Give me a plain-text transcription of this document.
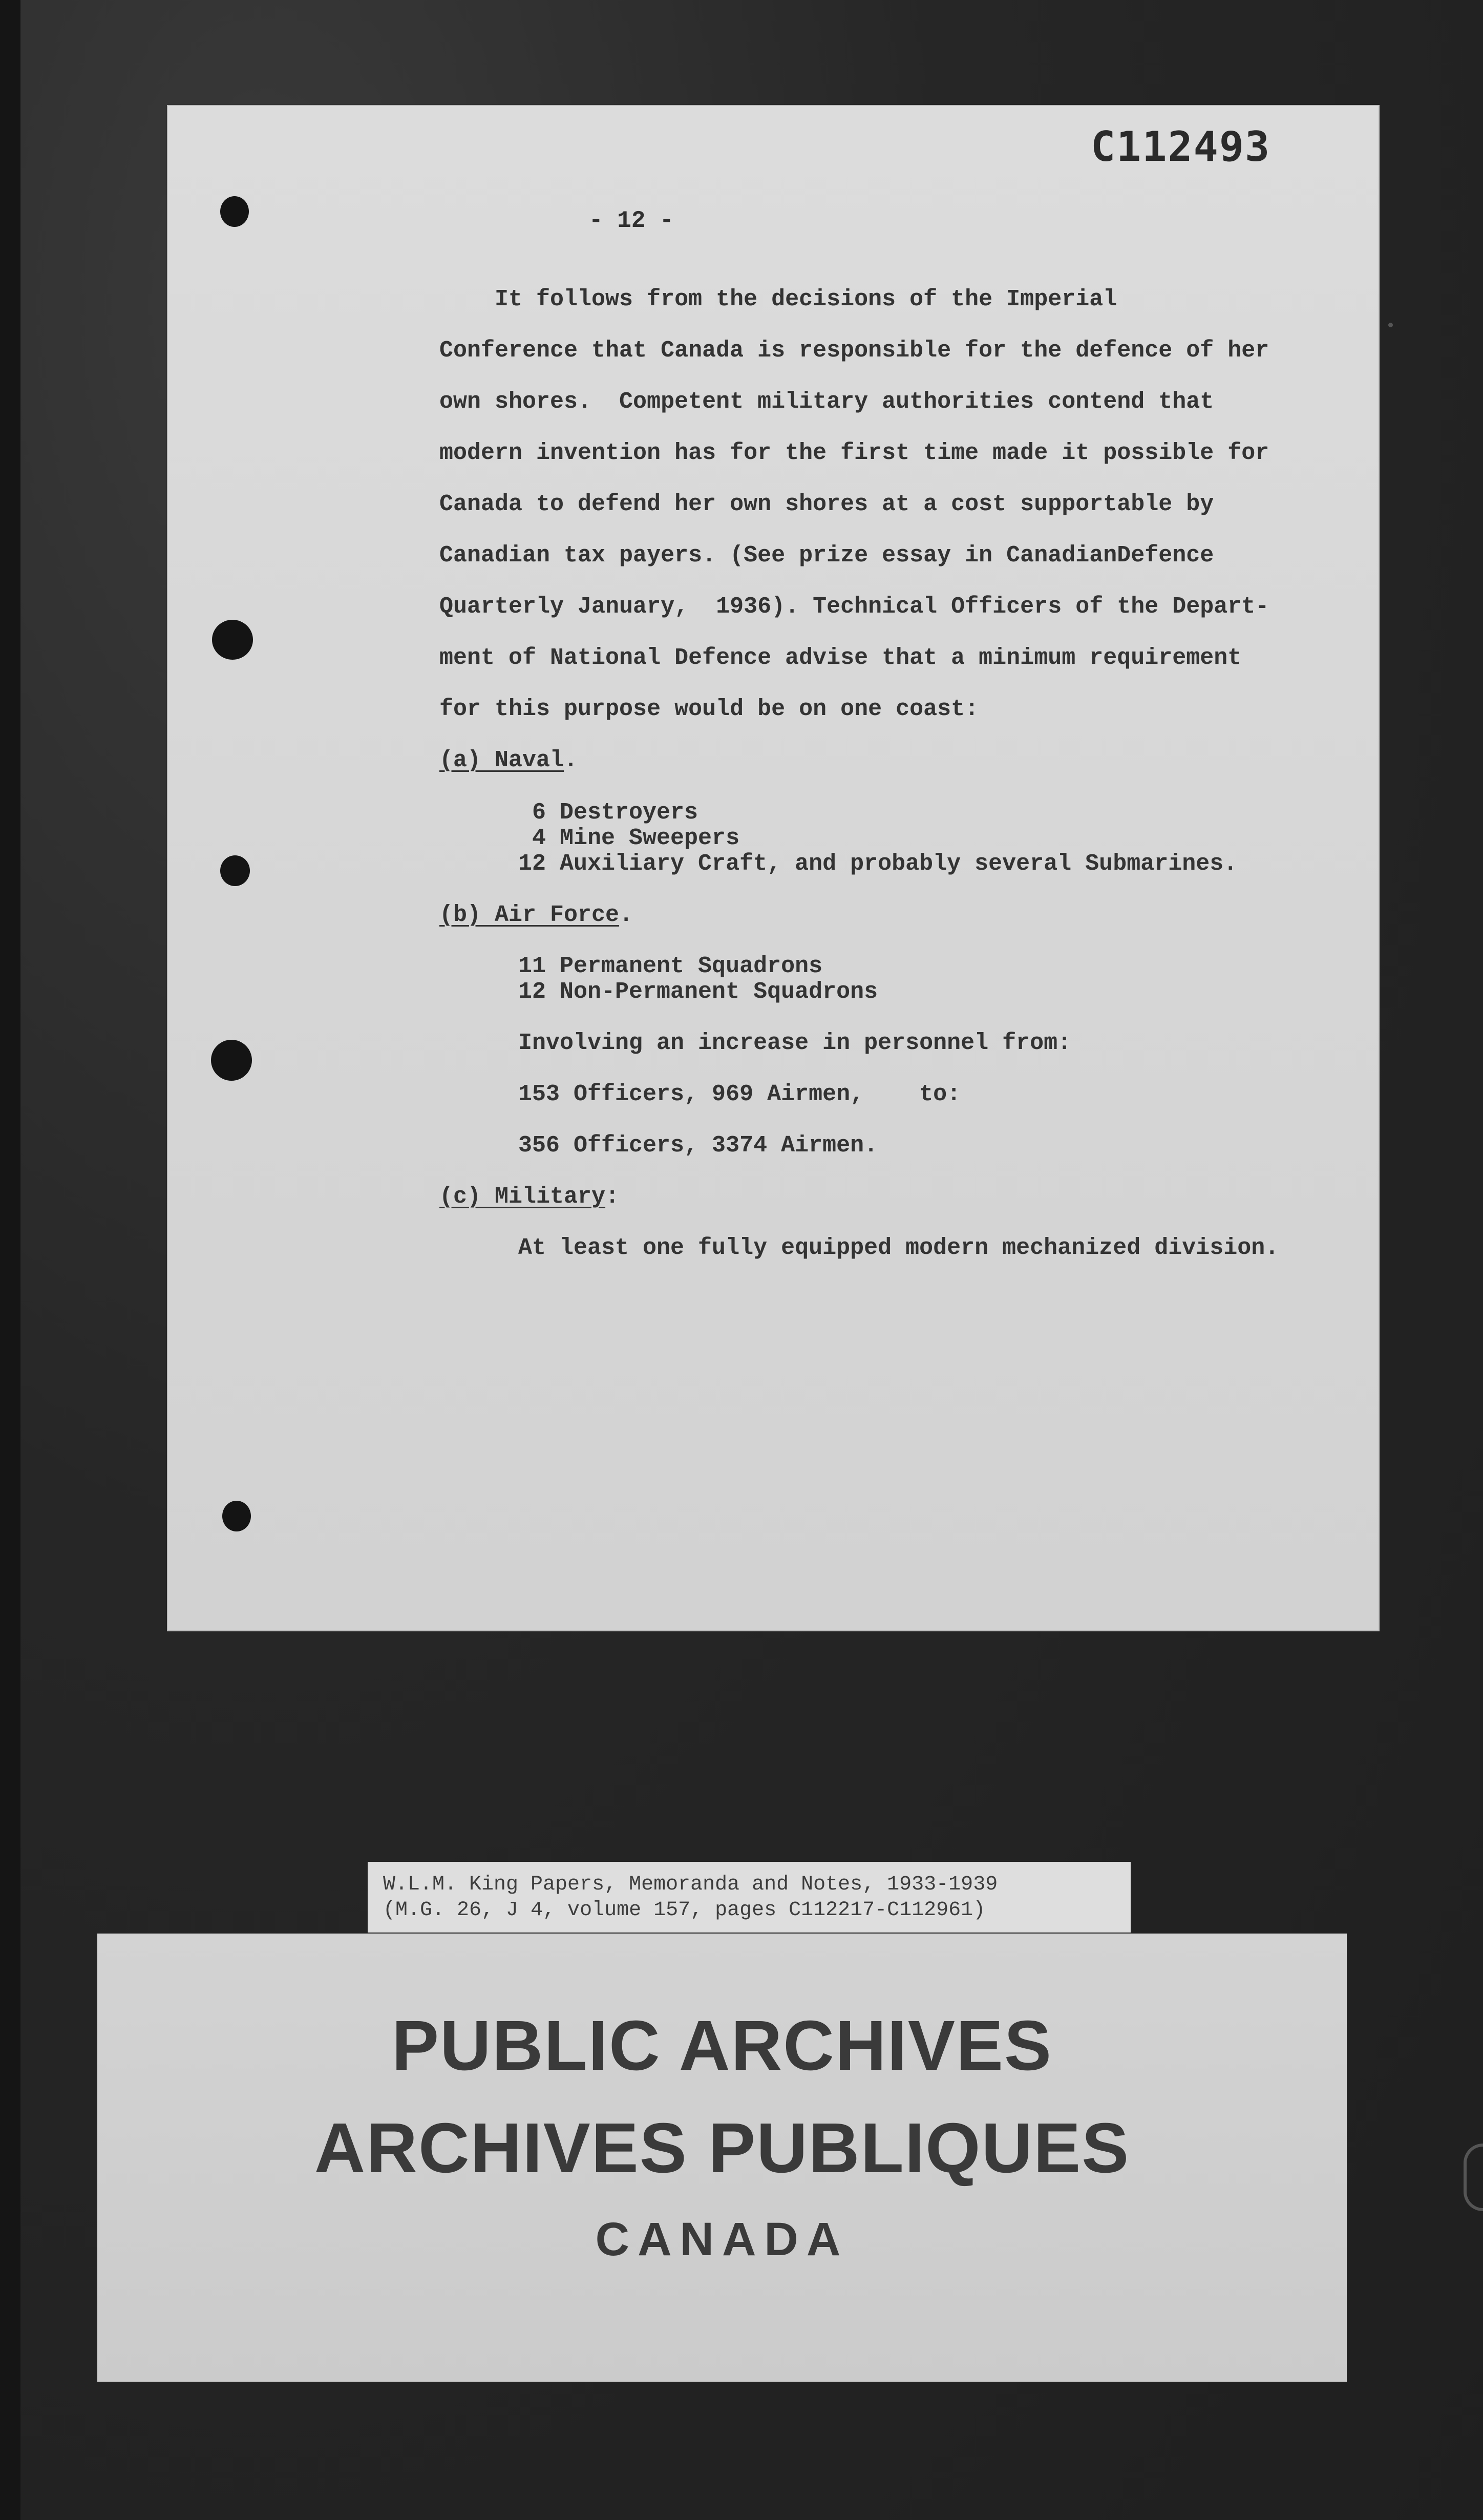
C112493
- 12 -
It follows from the decisions of the Imperial
Conference that Canada is responsible for the defence of her
own shores.  Competent military authorities contend that
modern invention has for the first time made it possible for
Canada to defend her own shores at a cost supportable by
Canadian tax payers. (See prize essay in CanadianDefence
Quarterly January,  1936). Technical Officers of the Depart-
ment of National Defence advise that a minimum requirement
for this purpose would be on one coast:
(a) Naval.
6 Destroyers
4 Mine Sweepers
12 Auxiliary Craft, and probably several Submarines.
(b) Air Force.
11 Permanent Squadrons
12 Non-Permanent Squadrons
Involving an increase in personnel from:
153 Officers, 969 Airmen,    to:
356 Officers, 3374 Airmen.
(c) Military:
At least one fully equipped modern mechanized division.
W.L.M. King Papers, Memoranda and Notes, 1933-1939
(M.G. 26, J 4, volume 157, pages C112217-C112961)
PUBLIC ARCHIVES
ARCHIVES PUBLIQUES
CANADA
